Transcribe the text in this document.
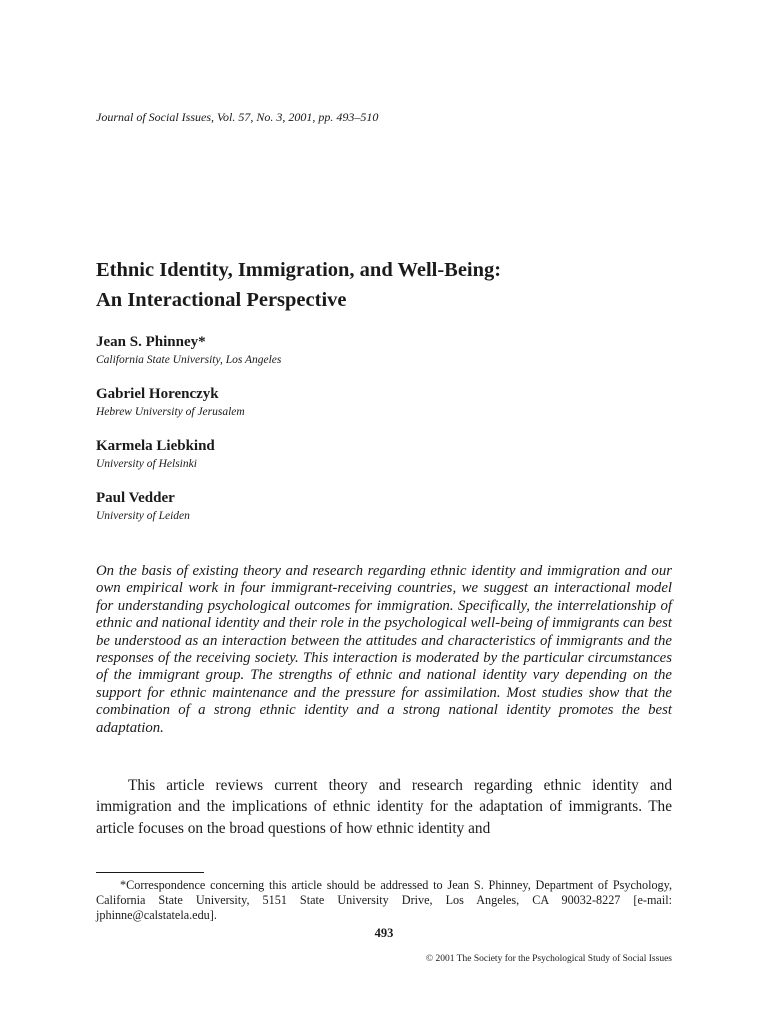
Journal of Social Issues, Vol. 57, No. 3, 2001, pp. 493–510
Ethnic Identity, Immigration, and Well-Being:
An Interactional Perspective
Jean S. Phinney*
California State University, Los Angeles
Gabriel Horenczyk
Hebrew University of Jerusalem
Karmela Liebkind
University of Helsinki
Paul Vedder
University of Leiden

On the basis of existing theory and research regarding ethnic identity and immigration and our own empirical work in four immigrant-receiving countries, we suggest an interactional model for understanding psychological outcomes for immigration. Specifically, the interrelationship of ethnic and national identity and their role in the psychological well-being of immigrants can best be understood as an interaction between the attitudes and characteristics of immigrants and the responses of the receiving society. This interaction is moderated by the particular circumstances of the immigrant group. The strengths of ethnic and national identity vary depending on the support for ethnic maintenance and the pressure for assimilation. Most studies show that the combination of a strong ethnic identity and a strong national identity promotes the best adaptation.

This article reviews current theory and research regarding ethnic identity and immigration and the implications of ethnic identity for the adaptation of immigrants. The article focuses on the broad questions of how ethnic identity and

*Correspondence concerning this article should be addressed to Jean S. Phinney, Department of Psychology, California State University, 5151 State University Drive, Los Angeles, CA 90032-8227 [e-mail: jphinne@calstatela.edu].

493
© 2001 The Society for the Psychological Study of Social Issues
